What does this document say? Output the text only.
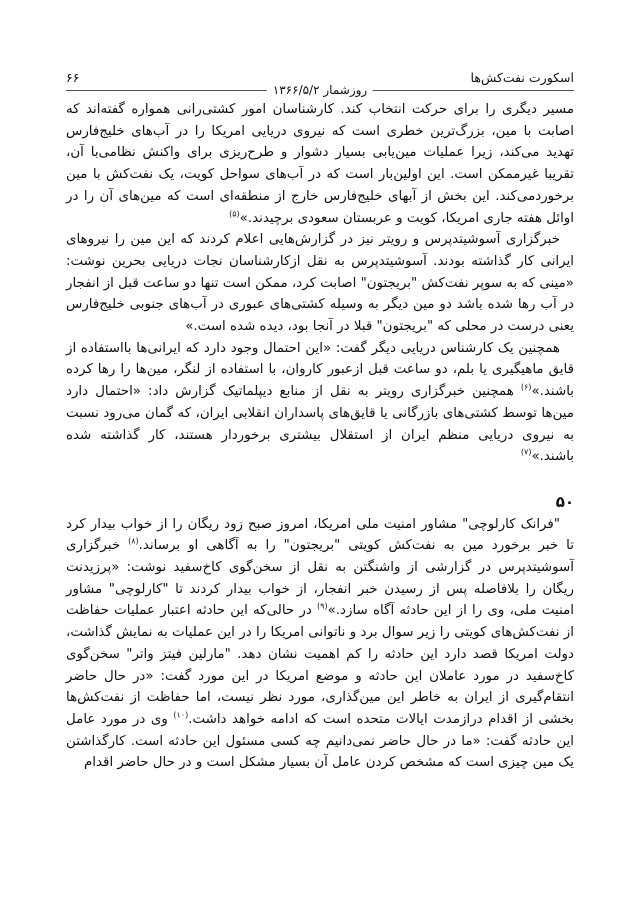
اسکورت نفت‌کش‌ها
۶۶
روزشمار ۱۳۶۶/۵/۲

مسیر دیگری را برای حرکت انتخاب کند. کارشناسان امور کشتی‌رانی همواره گفته‌اند که اصابت با مین، بزرگ‌ترین خطری است که نیروی دریایی امریکا را در آب‌های خلیج‌فارس تهدید می‌کند، زیرا عملیات مین‌یابی بسیار دشوار و طرح‌ریزی برای واکنش نظامی‌با آن، تقریبا غیرممکن است. این اولین‌بار است که در آب‌های سواحل کویت، یک نفت‌کش با مین برخوردمی‌کند. این بخش از آبهای خلیج‌فارس خارج از منطقه‌ای است که مین‌های آن را در اوائل هفته جاری امریکا، کویت و عربستان سعودی برچیدند.»$^{(۵)}$

خبرگزاری آسوشیتدپرس و رویتر نیز در گزارش‌هایی اعلام کردند که این مین را نیروهای ایرانی کار گذاشته بودند. آسوشیتدپرس به نقل ازکارشناسان نجات دریایی بحرین نوشت: «مینی که به سوپر نفت‌کش "بریجتون" اصابت کرد، ممکن است تنها دو ساعت قبل از انفجار در آب رها شده باشد دو مین دیگر به وسیله کشتی‌های عبوری در آب‌های جنوبی خلیج‌فارس یعنی درست در محلی که "بریجتون" قبلا در آنجا بود، دیده شده است.»

همچنین یک کارشناس دریایی دیگر گفت: «این احتمال وجود دارد که ایرانی‌ها بااستفاده از قایق ماهیگیری یا بلم، دو ساعت قبل ازعبور کاروان، با استفاده از لنگر، مین‌ها را رها کرده باشند.»$^{(۶)}$ همچنین خبرگزاری رویتر به نقل از منابع دیپلماتیک گزارش داد: «احتمال دارد مین‌ها توسط کشتی‌های بازرگانی یا قایق‌های پاسداران انقلابی ایران، که گمان می‌رود نسبت به نیروی دریایی منظم ایران از استقلال بیشتری برخوردار هستند، کار گذاشته شده باشند.»$^{(۷)}$

۵۰

"فرانک کارلوچی" مشاور امنیت ملی امریکا، امروز صبح زود ریگان را از خواب بیدار کرد تا خبر برخورد مین به نفت‌کش کویتی "بریجتون" را به آگاهی او برساند.$^{(۸)}$ خبرگزاری آسوشیتدپرس در گزارشی از واشنگتن به نقل از سخن‌گوی کاخ‌سفید نوشت: «پرزیدنت ریگان را بلافاصله پس از رسیدن خبر انفجار، از خواب بیدار کردند تا "کارلوچی" مشاور امنیت ملی، وی را از این حادثه آگاه سازد.»$^{(۹)}$ در حالی‌که این حادثه اعتبار عملیات حفاظت از نفت‌کش‌های کویتی را زیر سوال برد و ناتوانی امریکا را در این عملیات به نمایش گذاشت، دولت امریکا قصد دارد این حادثه را کم اهمیت نشان دهد. "مارلین فیتز واتر" سخن‌گوی کاخ‌سفید در مورد عاملان این حادثه و موضع امریکا در این مورد گفت: «در حال حاضر انتقام‌گیری از ایران به خاطر این مین‌گذاری، مورد نظر نیست، اما حفاظت از نفت‌کش‌ها بخشی از اقدام درازمدت ایالات متحده است که ادامه خواهد داشت.$^{(۱۰)}$ وی در مورد عامل این حادثه گفت: «ما در حال حاضر نمی‌دانیم چه کسی مسئول این حادثه است. کارگذاشتن یک مین چیزی است که مشخص کردن عامل آن بسیار مشکل است و در حال حاضر اقدام
